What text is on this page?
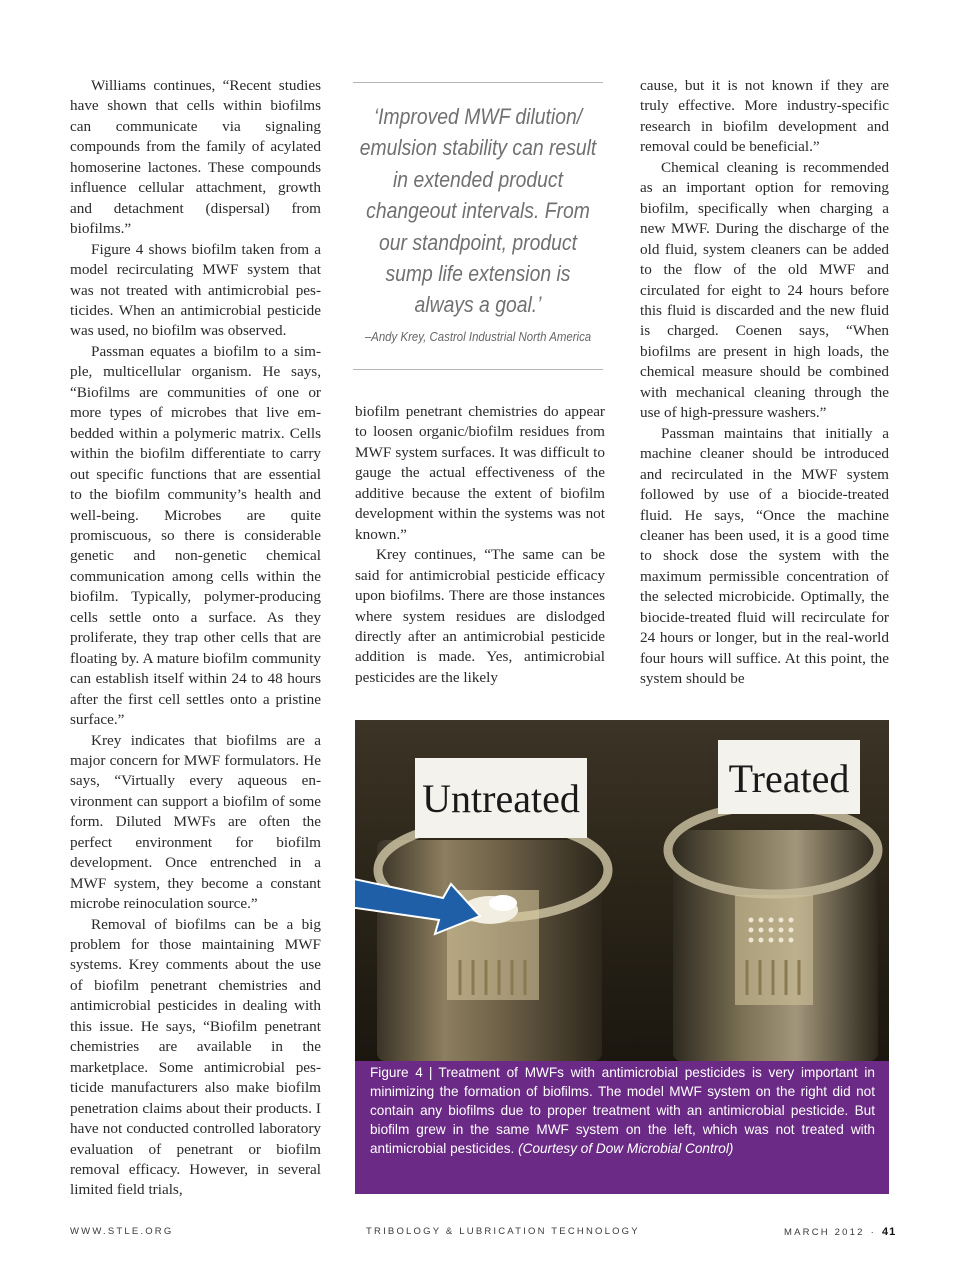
Williams continues, “Recent studies have shown that cells within biofilms can communicate via signaling compounds from the family of acylated homoserine lactones. These compounds influence cellular attachment, growth and detachment (dispersal) from biofilms.”

Figure 4 shows biofilm taken from a model recirculating MWF system that was not treated with antimicrobial pesticides. When an antimicrobial pesticide was used, no biofilm was observed.

Passman equates a biofilm to a simple, multicellular organism. He says, “Biofilms are communities of one or more types of microbes that live embedded within a polymeric matrix. Cells within the biofilm differentiate to carry out specific functions that are essential to the biofilm community’s health and well-being. Microbes are quite promiscuous, so there is considerable genetic and non-genetic chemical communication among cells within the biofilm. Typically, polymer-producing cells settle onto a surface. As they proliferate, they trap other cells that are floating by. A mature biofilm community can establish itself within 24 to 48 hours after the first cell settles onto a pristine surface.”

Krey indicates that biofilms are a major concern for MWF formulators. He says, “Virtually every aqueous environment can support a biofilm of some form. Diluted MWFs are often the perfect environment for biofilm development. Once entrenched in a MWF system, they become a constant microbe reinoculation source.”

Removal of biofilms can be a big problem for those maintaining MWF systems. Krey comments about the use of biofilm penetrant chemistries and antimicrobial pesticides in dealing with this issue. He says, “Biofilm penetrant chemistries are available in the marketplace. Some antimicrobial pesticide manufacturers also make biofilm penetration claims about their products. I have not conducted controlled laboratory evaluation of penetrant or biofilm removal efficacy. However, in several limited field trials,

‘Improved MWF dilution/ emulsion stability can result in extended product changeout intervals. From our standpoint, product sump life extension is always a goal.’
–Andy Krey, Castrol Industrial North America

biofilm penetrant chemistries do appear to loosen organic/biofilm residues from MWF system surfaces. It was difficult to gauge the actual effectiveness of the additive because the extent of biofilm development within the systems was not known.”

Krey continues, “The same can be said for antimicrobial pesticide efficacy upon biofilms. There are those instances where system residues are dislodged directly after an antimicrobial pesticide addition is made. Yes, antimicrobial pesticides are the likely

cause, but it is not known if they are truly effective. More industry-specific research in biofilm development and removal could be beneficial.”

Chemical cleaning is recommended as an important option for removing biofilm, specifically when charging a new MWF. During the discharge of the old fluid, system cleaners can be added to the flow of the old MWF and circulated for eight to 24 hours before this fluid is discarded and the new fluid is charged. Coenen says, “When biofilms are present in high loads, the chemical measure should be combined with mechanical cleaning through the use of high-pressure washers.”

Passman maintains that initially a machine cleaner should be introduced and recirculated in the MWF system followed by use of a biocide-treated fluid. He says, “Once the machine cleaner has been used, it is a good time to shock dose the system with the maximum permissible concentration of the selected microbicide. Optimally, the biocide-treated fluid will recirculate for 24 hours or longer, but in the real-world four hours will suffice. At this point, the system should be

Untreated	Treated
Figure 4 | Treatment of MWFs with antimicrobial pesticides is very important in minimizing the formation of biofilms. The model MWF system on the right did not contain any biofilms due to proper treatment with an antimicrobial pesticide. But biofilm grew in the same MWF system on the left, which was not treated with antimicrobial pesticides. (Courtesy of Dow Microbial Control)
WWW.STLE.ORG	TRIBOLOGY & LUBRICATION TECHNOLOGY	MARCH 2012 · 41
